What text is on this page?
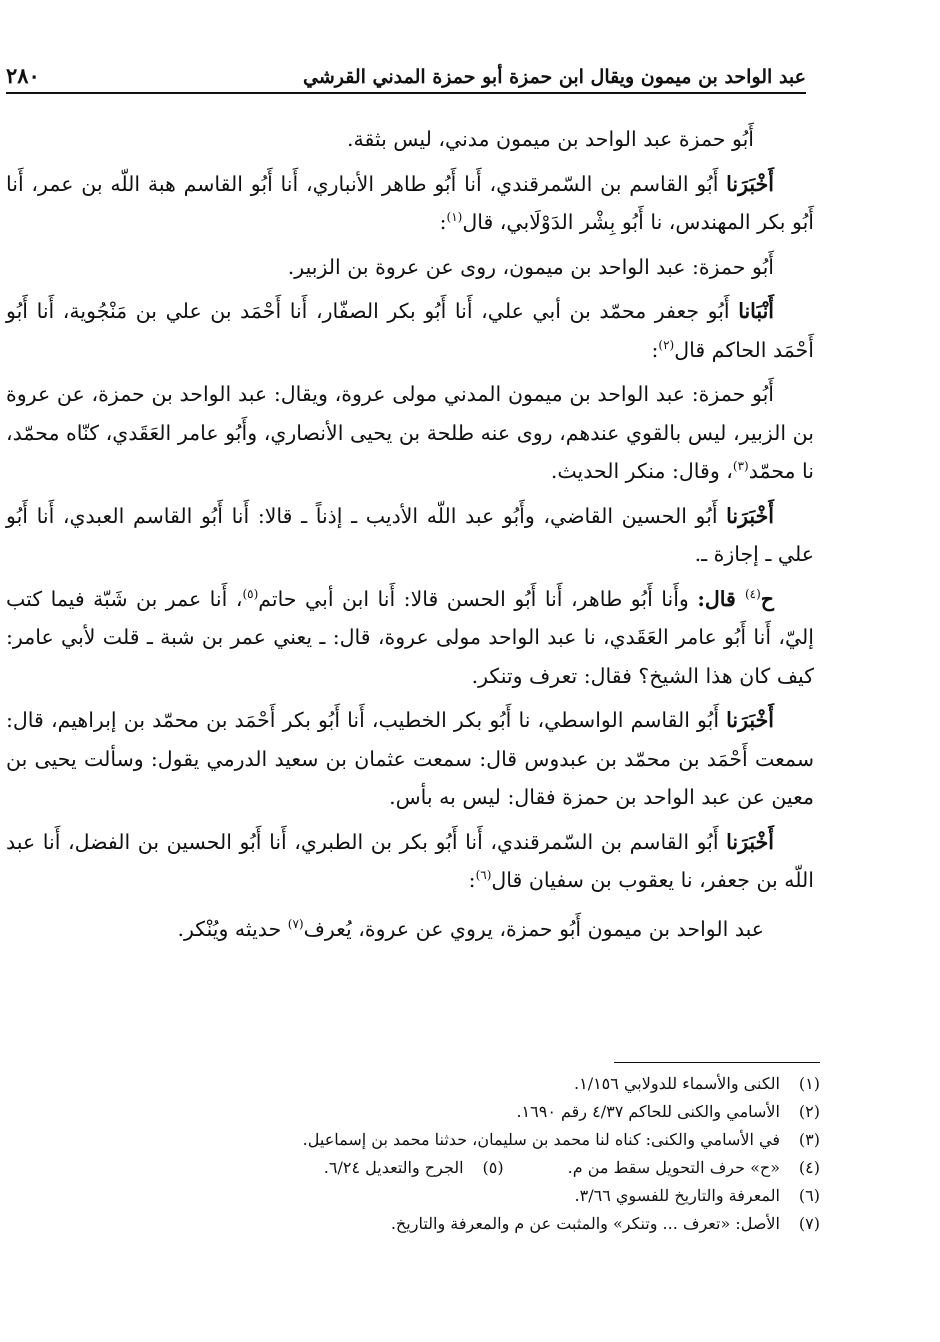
عبد الواحد بن ميمون ويقال ابن حمزة أبو حمزة المدني القرشي
٢٨٠

أَبُو حمزة عبد الواحد بن ميمون مدني، ليس بثقة.

أَخْبَرَنا أَبُو القاسم بن السّمرقندي، أَنا أَبُو طاهر الأنباري، أَنا أَبُو القاسم هبة اللّه بن عمر، أَنا أَبُو بكر المهندس، نا أَبُو بِشْر الدَوْلَابي، قال$^{(١)}$:

أَبُو حمزة: عبد الواحد بن ميمون، روى عن عروة بن الزبير.

أَنْبَانا أَبُو جعفر محمّد بن أبي علي، أَنا أَبُو بكر الصفّار، أَنا أَحْمَد بن علي بن مَنْجُوية، أَنا أَبُو أَحْمَد الحاكم قال$^{(٢)}$:

أَبُو حمزة: عبد الواحد بن ميمون المدني مولى عروة، ويقال: عبد الواحد بن حمزة، عن عروة بن الزبير، ليس بالقوي عندهم، روى عنه طلحة بن يحيى الأنصاري، وأَبُو عامر العَقَدي، كنّاه محمّد، نا محمّد$^{(٣)}$، وقال: منكر الحديث.

أَخْبَرَنا أَبُو الحسين القاضي، وأَبُو عبد اللّه الأديب ـ إذناً ـ قالا: أَنا أَبُو القاسم العبدي، أَنا أَبُو علي ـ إجازة ـ.

ح$^{(٤)}$ قال: وأَنا أَبُو طاهر، أَنا أَبُو الحسن قالا: أَنا ابن أبي حاتم$^{(٥)}$، أَنا عمر بن شَبّة فيما كتب إليّ، أَنا أَبُو عامر العَقَدي، نا عبد الواحد مولى عروة، قال: ـ يعني عمر بن شبة ـ قلت لأبي عامر: كيف كان هذا الشيخ؟ فقال: تعرف وتنكر.

أَخْبَرَنا أَبُو القاسم الواسطي، نا أَبُو بكر الخطيب، أَنا أَبُو بكر أَحْمَد بن محمّد بن إبراهيم، قال: سمعت أَحْمَد بن محمّد بن عبدوس قال: سمعت عثمان بن سعيد الدرمي يقول: وسألت يحيى بن معين عن عبد الواحد بن حمزة فقال: ليس به بأس.

أَخْبَرَنا أَبُو القاسم بن السّمرقندي، أَنا أَبُو بكر بن الطبري، أَنا أَبُو الحسين بن الفضل، أَنا عبد اللّه بن جعفر، نا يعقوب بن سفيان قال$^{(٦)}$:

عبد الواحد بن ميمون أَبُو حمزة، يروي عن عروة، يُعرف$^{(٧)}$ حديثه ويُنْكر.

(١)
الكنى والأسماء للدولابي ١/١٥٦.
(٢)
الأسامي والكنى للحاكم ٤/٣٧ رقم ١٦٩٠.
(٣)
في الأسامي والكنى: كناه لنا محمد بن سليمان، حدثنا محمد بن إسماعيل.
(٤)
«ح» حرف التحويل سقط من م.
(٥)
الجرح والتعديل ٦/٢٤.
(٦)
المعرفة والتاريخ للفسوي ٣/٦٦.
(٧)
الأصل: «تعرف ... وتنكر» والمثبت عن م والمعرفة والتاريخ.
